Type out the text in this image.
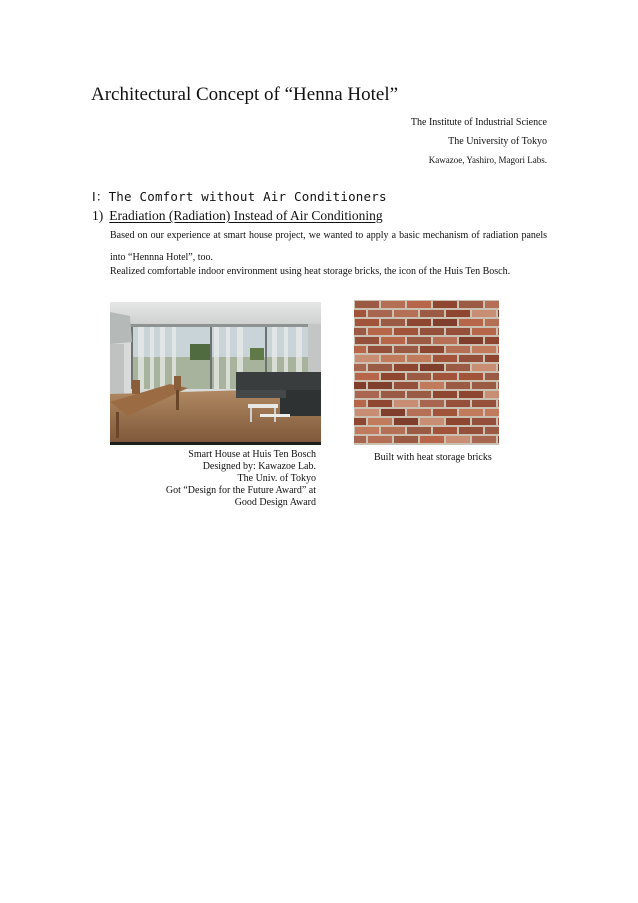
Architectural Concept of “Henna Hotel”
The Institute of Industrial Science
The University of Tokyo
Kawazoe, Yashiro, Magori Labs.
Ⅰ：The Comfort without Air Conditioners
1) Eradiation (Radiation) Instead of Air Conditioning
Based on our experience at smart house project, we wanted to apply a basic mechanism of radiation panels into “Hennna Hotel”, too.
Realized comfortable indoor environment using heat storage bricks, the icon of the Huis Ten Bosch.
Smart House at Huis Ten Bosch
Designed by: Kawazoe Lab.
The Univ. of Tokyo
Got “Design for the Future Award” at
Good Design Award
Built with heat storage bricks
